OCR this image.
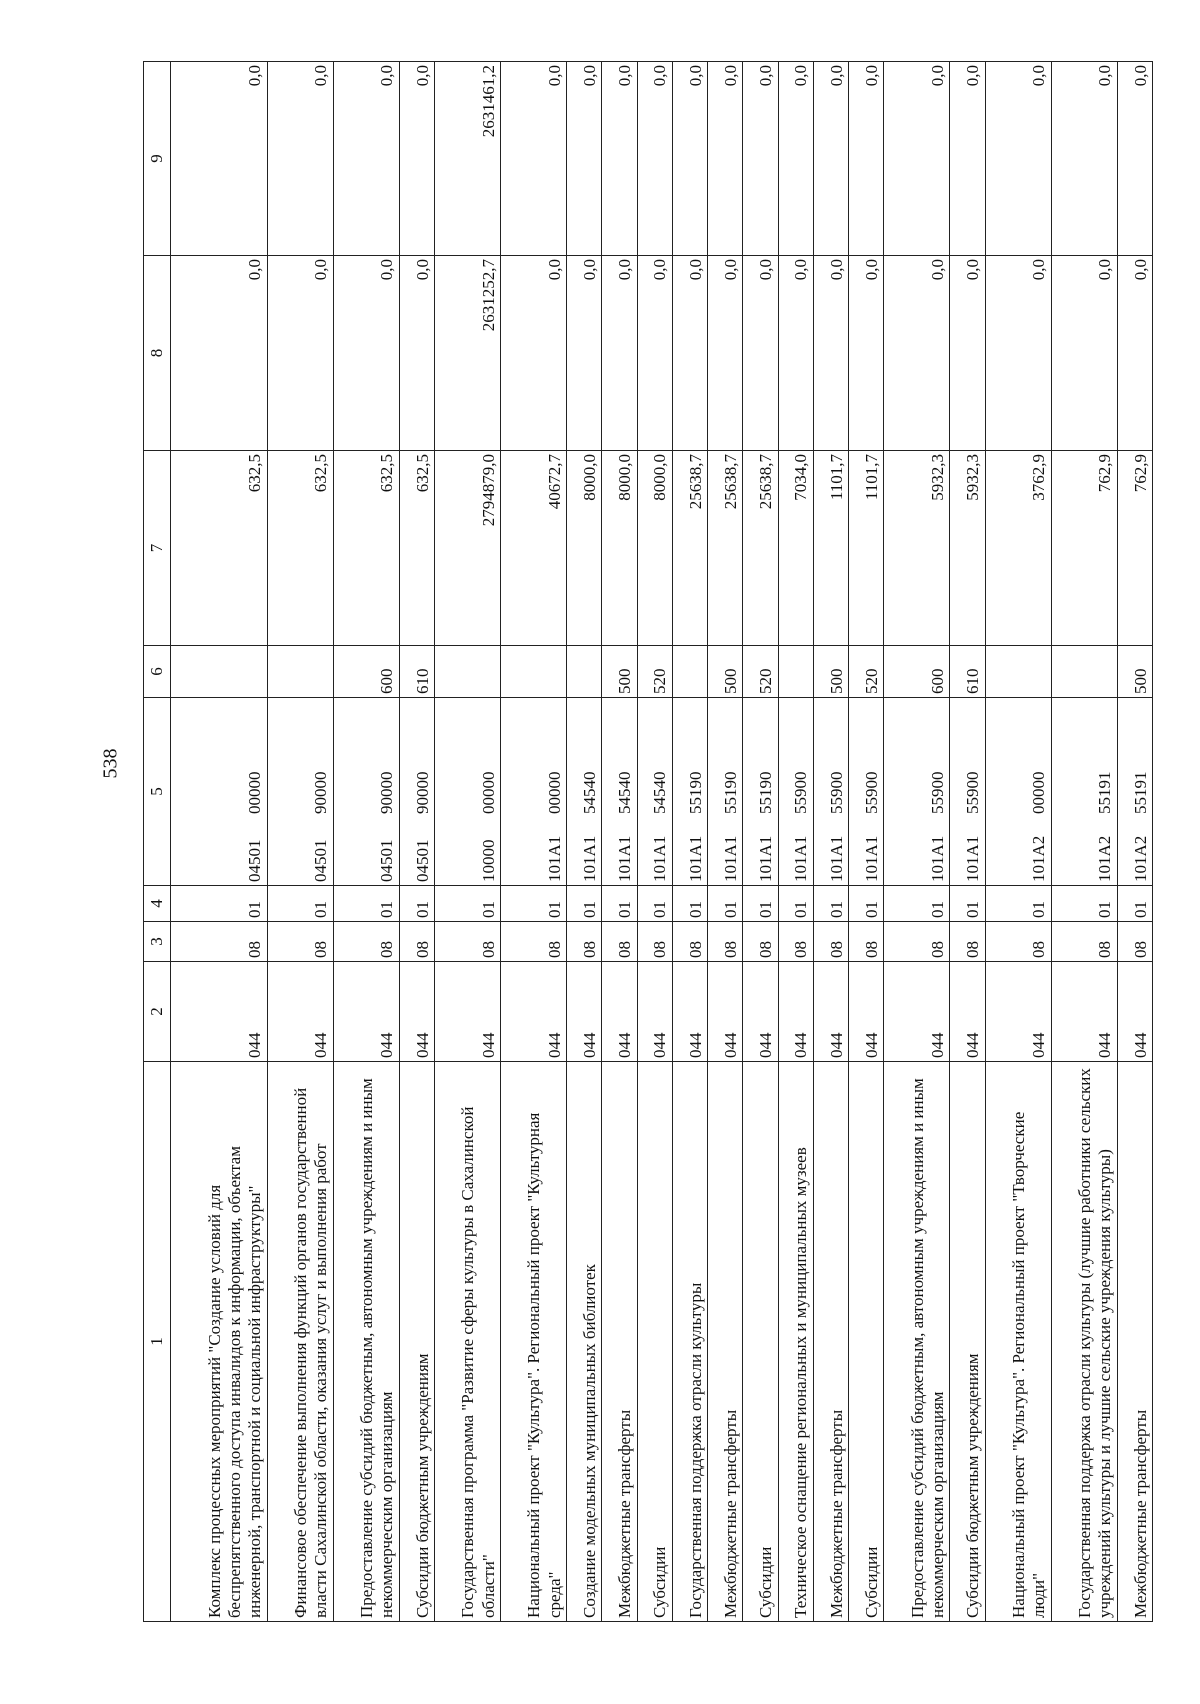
538
1	2	3	4	5	6	7	8	9
Комплекс процессных мероприятий "Создание условий для беспрепятственного доступа инвалидов к информации, объектам инженерной, транспортной и социальной инфраструктуры"	044	08	01	0450100000		632,5	0,0	0,0
Финансовое обеспечение выполнения функций органов государственной власти Сахалинской области, оказания услуг и выполнения работ	044	08	01	0450190000		632,5	0,0	0,0
Предоставление субсидий бюджетным, автономным учреждениям и иным некоммерческим организациям	044	08	01	0450190000	600	632,5	0,0	0,0
Субсидии бюджетным учреждениям	044	08	01	0450190000	610	632,5	0,0	0,0
Государственная программа "Развитие сферы культуры в Сахалинской области"	044	08	01	1000000000		2794879,0	2631252,7	2631461,2
Национальный проект "Культура". Региональный проект "Культурная среда"	044	08	01	101А100000		40672,7	0,0	0,0
Создание модельных муниципальных библиотек	044	08	01	101А154540		8000,0	0,0	0,0
Межбюджетные трансферты	044	08	01	101А154540	500	8000,0	0,0	0,0
Субсидии	044	08	01	101А154540	520	8000,0	0,0	0,0
Государственная поддержка отрасли культуры	044	08	01	101А155190		25638,7	0,0	0,0
Межбюджетные трансферты	044	08	01	101А155190	500	25638,7	0,0	0,0
Субсидии	044	08	01	101А155190	520	25638,7	0,0	0,0
Техническое оснащение региональных и муниципальных музеев	044	08	01	101А155900		7034,0	0,0	0,0
Межбюджетные трансферты	044	08	01	101А155900	500	1101,7	0,0	0,0
Субсидии	044	08	01	101А155900	520	1101,7	0,0	0,0
Предоставление субсидий бюджетным, автономным учреждениям и иным некоммерческим организациям	044	08	01	101А155900	600	5932,3	0,0	0,0
Субсидии бюджетным учреждениям	044	08	01	101А155900	610	5932,3	0,0	0,0
Национальный проект "Культура". Региональный проект "Творческие люди"	044	08	01	101А200000		3762,9	0,0	0,0
Государственная поддержка отрасли культуры (лучшие работники сельских учреждений культуры и лучшие сельские учреждения культуры)	044	08	01	101А255191		762,9	0,0	0,0
Межбюджетные трансферты	044	08	01	101А255191	500	762,9	0,0	0,0
